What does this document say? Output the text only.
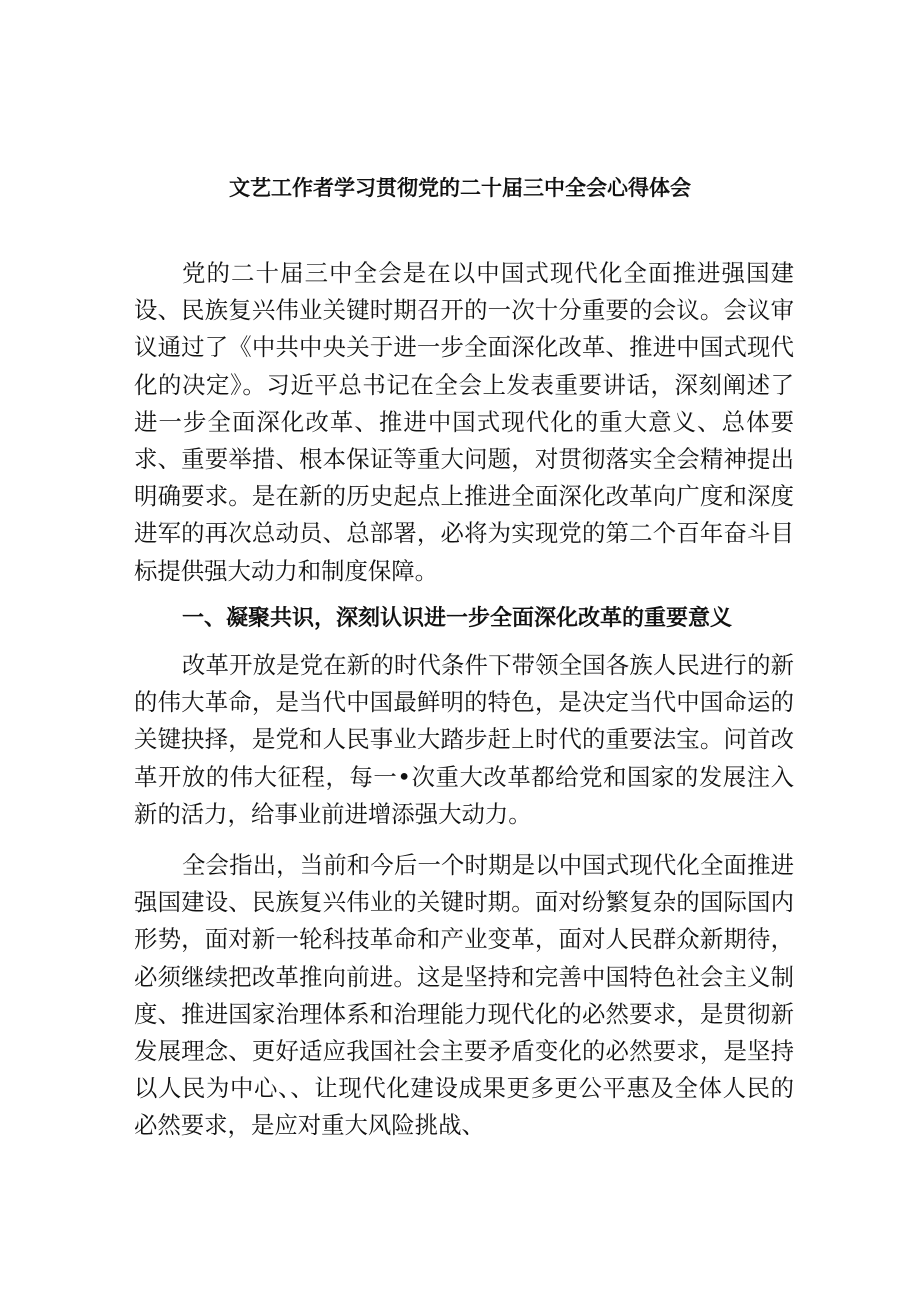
文艺工作者学习贯彻党的二十届三中全会心得体会

党的二十届三中全会是在以中国式现代化全面推进强国建设、民族复兴伟业关键时期召开的一次十分重要的会议。会议审议通过了《中共中央关于进一步全面深化改革、推进中国式现代化的决定》。习近平总书记在全会上发表重要讲话，深刻阐述了进一步全面深化改革、推进中国式现代化的重大意义、总体要求、重要举措、根本保证等重大问题，对贯彻落实全会精神提出明确要求。是在新的历史起点上推进全面深化改革向广度和深度进军的再次总动员、总部署，必将为实现党的第二个百年奋斗目标提供强大动力和制度保障。

一、凝聚共识，深刻认识进一步全面深化改革的重要意义

改革开放是党在新的时代条件下带领全国各族人民进行的新的伟大革命，是当代中国最鲜明的特色，是决定当代中国命运的关键抉择，是党和人民事业大踏步赶上时代的重要法宝。问首改革开放的伟大征程，每一•次重大改革都给党和国家的发展注入新的活力，给事业前进增添强大动力。

全会指出，当前和今后一个时期是以中国式现代化全面推进强国建设、民族复兴伟业的关键时期。面对纷繁复杂的国际国内形势，面对新一轮科技革命和产业变革，面对人民群众新期待，必须继续把改革推向前进。这是坚持和完善中国特色社会主义制度、推进国家治理体系和治理能力现代化的必然要求，是贯彻新发展理念、更好适应我国社会主要矛盾变化的必然要求，是坚持以人民为中心、、让现代化建设成果更多更公平惠及全体人民的必然要求，是应对重大风险挑战、
